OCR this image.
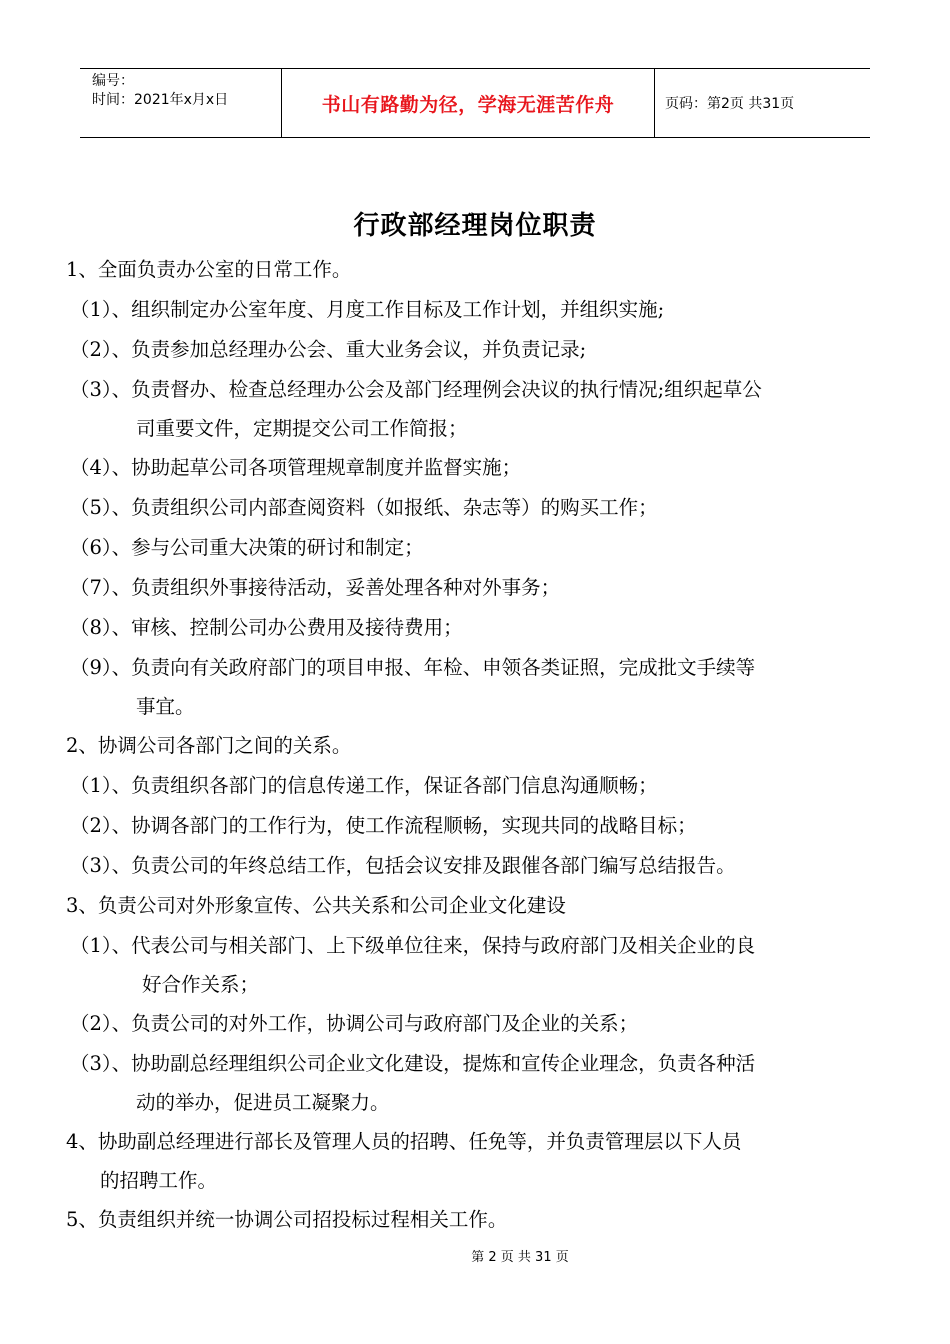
编号：
时间：2021年x月x日	书山有路勤为径，学海无涯苦作舟	页码：第2页 共31页
行政部经理岗位职责
1、全面负责办公室的日常工作。
（1）、组织制定办公室年度、月度工作目标及工作计划，并组织实施;
（2）、负责参加总经理办公会、重大业务会议，并负责记录;
（3）、负责督办、检查总经理办公会及部门经理例会决议的执行情况;组织起草公
司重要文件，定期提交公司工作简报；
（4）、协助起草公司各项管理规章制度并监督实施；
（5）、负责组织公司内部查阅资料（如报纸、杂志等）的购买工作；
（6）、参与公司重大决策的研讨和制定；
（7）、负责组织外事接待活动，妥善处理各种对外事务；
（8）、审核、控制公司办公费用及接待费用；
（9）、负责向有关政府部门的项目申报、年检、申领各类证照，完成批文手续等
事宜。
2、协调公司各部门之间的关系。
（1）、负责组织各部门的信息传递工作，保证各部门信息沟通顺畅；
（2）、协调各部门的工作行为，使工作流程顺畅，实现共同的战略目标；
（3）、负责公司的年终总结工作，包括会议安排及跟催各部门编写总结报告。
3、负责公司对外形象宣传、公共关系和公司企业文化建设
（1）、代表公司与相关部门、上下级单位往来，保持与政府部门及相关企业的良
好合作关系；
（2）、负责公司的对外工作，协调公司与政府部门及企业的关系；
（3）、协助副总经理组织公司企业文化建设，提炼和宣传企业理念，负责各种活
动的举办，促进员工凝聚力。
4、协助副总经理进行部长及管理人员的招聘、任免等，并负责管理层以下人员
的招聘工作。
5、负责组织并统一协调公司招投标过程相关工作。
第 2 页 共 31 页
